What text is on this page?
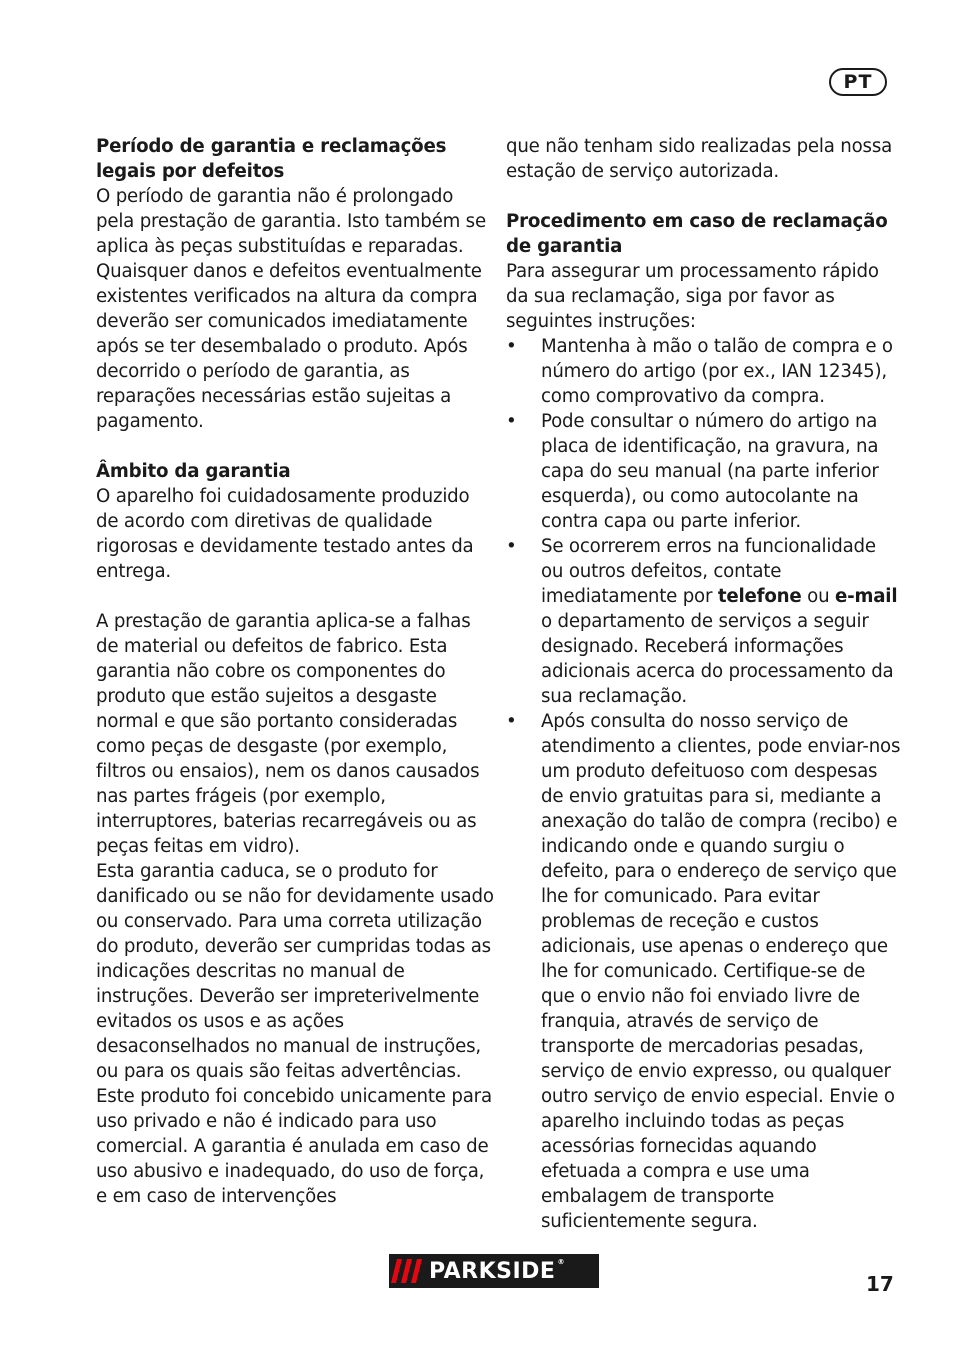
PT
Período de garantia e reclamações legais por defeitos

O período de garantia não é prolongado pela prestação de garantia. Isto também se aplica às peças substituídas e reparadas. Quaisquer danos e defeitos eventualmente existentes verificados na altura da compra deverão ser comunicados imediatamente após se ter desembalado o produto. Após decorrido o período de garantia, as reparações necessárias estão sujeitas a pagamento.

Âmbito da garantia

O aparelho foi cuidadosamente produzido de acordo com diretivas de qualidade rigorosas e devidamente testado antes da entrega.

A prestação de garantia aplica-se a falhas de material ou defeitos de fabrico. Esta garantia não cobre os componentes do produto que estão sujeitos a desgaste normal e que são portanto consideradas como peças de desgaste (por exemplo, filtros ou ensaios), nem os danos causados nas partes frágeis (por exemplo, interruptores, baterias recarregáveis ou as peças feitas em vidro).

Esta garantia caduca, se o produto for danificado ou se não for devidamente usado ou conservado. Para uma correta utilização do produto, deverão ser cumpridas todas as indicações descritas no manual de instruções. Deverão ser impreterivelmente evitados os usos e as ações desaconselhados no manual de instruções, ou para os quais são feitas advertências.

Este produto foi concebido unicamente para uso privado e não é indicado para uso comercial. A garantia é anulada em caso de uso abusivo e inadequado, do uso de força, e em caso de intervenções

que não tenham sido realizadas pela nossa estação de serviço autorizada.

Procedimento em caso de reclamação de garantia

Para assegurar um processamento rápido da sua reclamação, siga por favor as seguintes instruções:

• Mantenha à mão o talão de compra e o número do artigo (por ex., IAN 12345), como comprovativo da compra.
• Pode consultar o número do artigo na placa de identificação, na gravura, na capa do seu manual (na parte inferior esquerda), ou como autocolante na contra capa ou parte inferior.
• Se ocorrerem erros na funcionalidade ou outros defeitos, contate imediatamente por telefone ou e-mail o departamento de serviços a seguir designado. Receberá informações adicionais acerca do processamento da sua reclamação.
• Após consulta do nosso serviço de atendimento a clientes, pode enviar-nos um produto defeituoso com despesas de envio gratuitas para si, mediante a anexação do talão de compra (recibo) e indicando onde e quando surgiu o defeito, para o endereço de serviço que lhe for comunicado. Para evitar problemas de receção e custos adicionais, use apenas o endereço que lhe for comunicado. Certifique-se de que o envio não foi enviado livre de franquia, através de serviço de transporte de mercadorias pesadas, serviço de envio expresso, ou qualquer outro serviço de envio especial. Envie o aparelho incluindo todas as peças acessórias fornecidas aquando efetuada a compra e use uma embalagem de transporte suficientemente segura.
PARKSIDE ®
17
